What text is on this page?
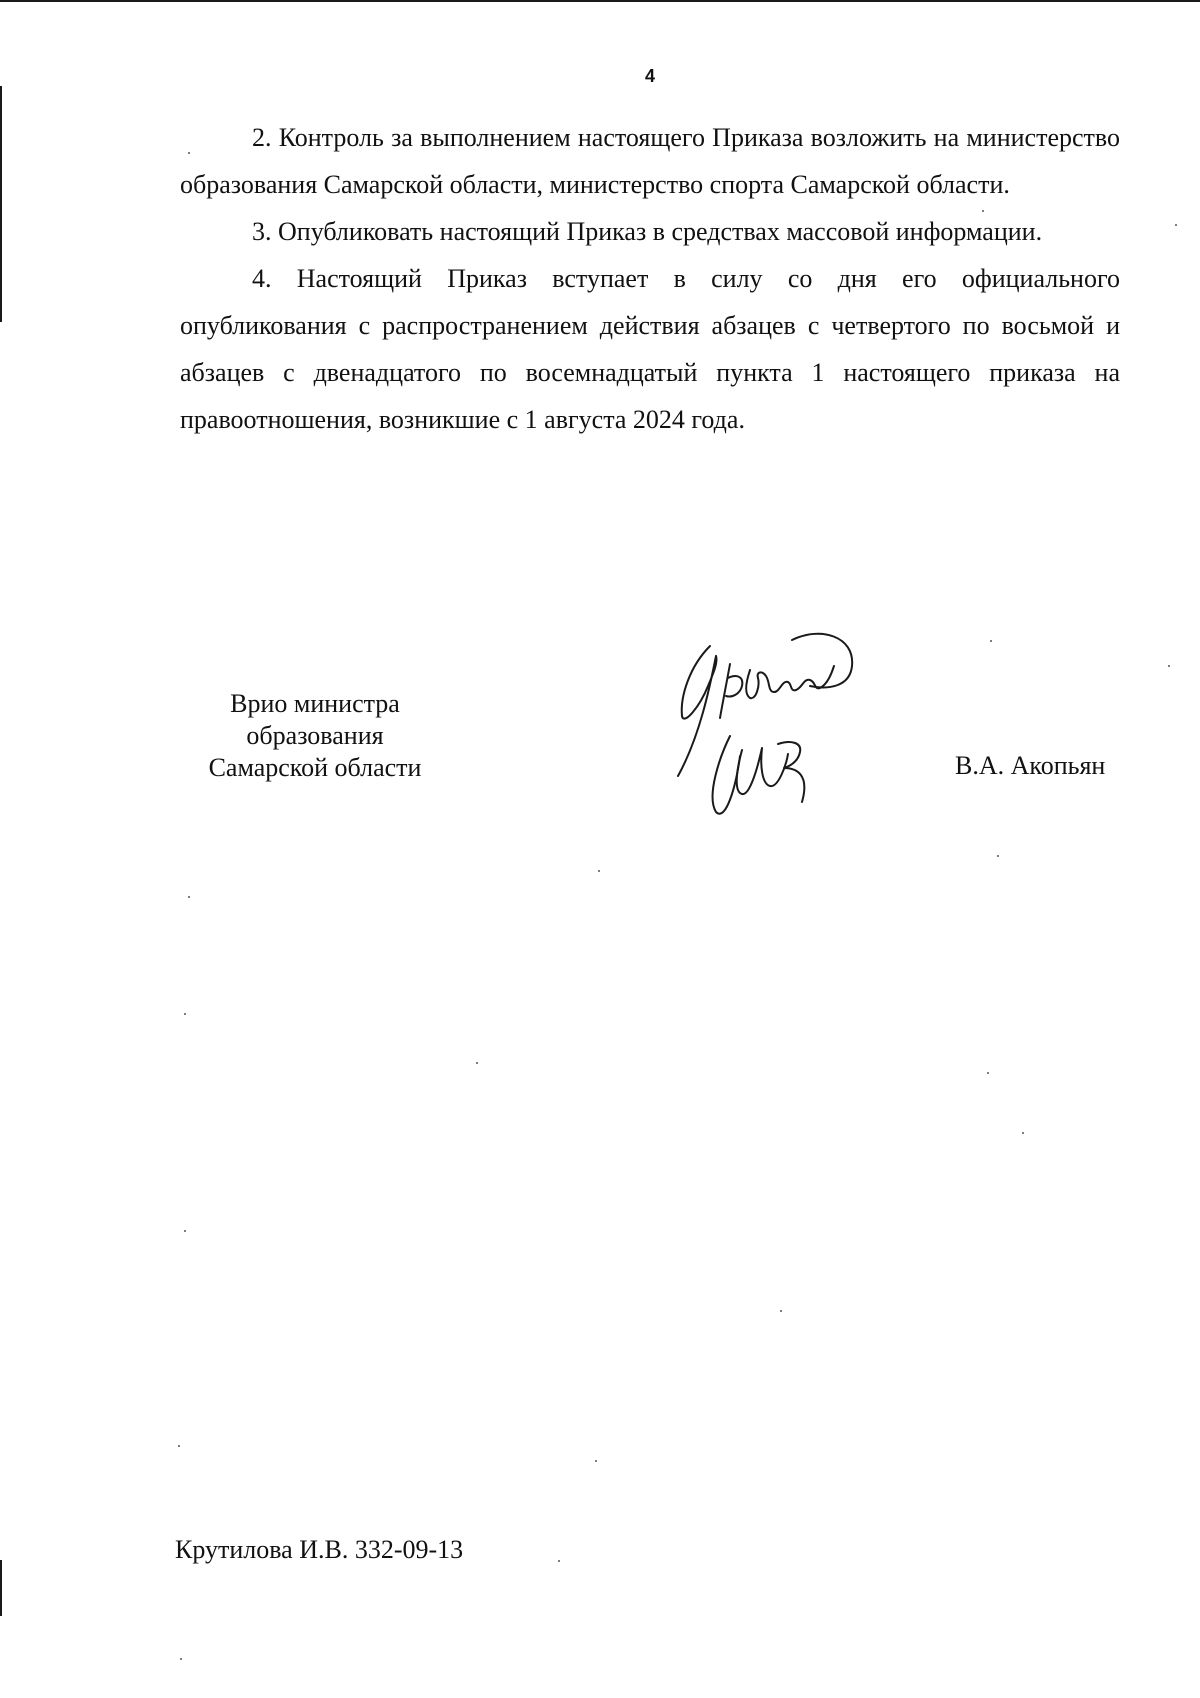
4

2. Контроль за выполнением настоящего Приказа возложить на министерство образования Самарской области, министерство спорта Самарской области.

3. Опубликовать настоящий Приказ в средствах массовой информации.

4. Настоящий Приказ вступает в силу со дня его официального опубликования с распространением действия абзацев с четвертого по восьмой и абзацев с двенадцатого по восемнадцатый пункта 1 настоящего приказа на правоотношения, возникшие с 1 августа 2024 года.

Врио министра
образования
Самарской области	В.А. Акопьян
Крутилова И.В. 332-09-13
